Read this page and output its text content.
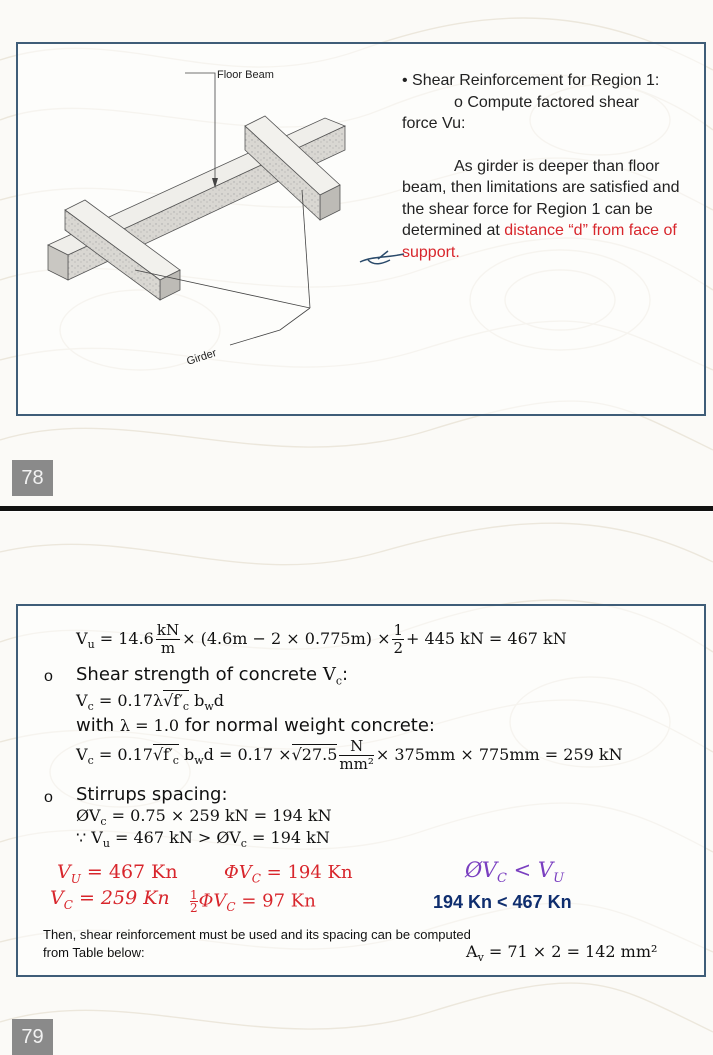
Floor Beam
Girder

• Shear Reinforcement for Region 1:

o Compute factored shear

force Vu:

As girder is deeper than floor beam, then limitations are satisfied and the shear force for Region 1 can be determined at distance “d” from face of support.

78
$V_u = 14.6 \frac{kN}{m} \times (4.6m - 2 \times 0.775m) \times \frac{1}{2} + 445$ kN = 467 kN
o Shear strength of concrete $V_c$:
$V_c = 0.17\lambda√f'_c$ $b_wd$
with λ = 1.0 for normal weight concrete:
$V_c = 0.17√f'_c$ $b_wd = 0.17 \times√27.5 \frac{N}{\text{mm²}} \times 375mm \times 775mm = 259$ kN
o Stirrups spacing:
$ØV_c = 0.75 \times 259$ kN = 194 kN
∵ $V_u = 467$ kN > $ØV_c = 194$ kN
$V_U = 467$ Kn	$\Phi V_C = 194$ Kn
$V_C = 259$ Kn $\frac{1}{2}\Phi V_C = 97$ Kn
$ØV_C < V_U$
194 Kn < 467 Kn
Then, shear reinforcement must be used and its spacing can be computed
from Table below:	$A_v = 71 \times 2 = 142$ mm²
79
